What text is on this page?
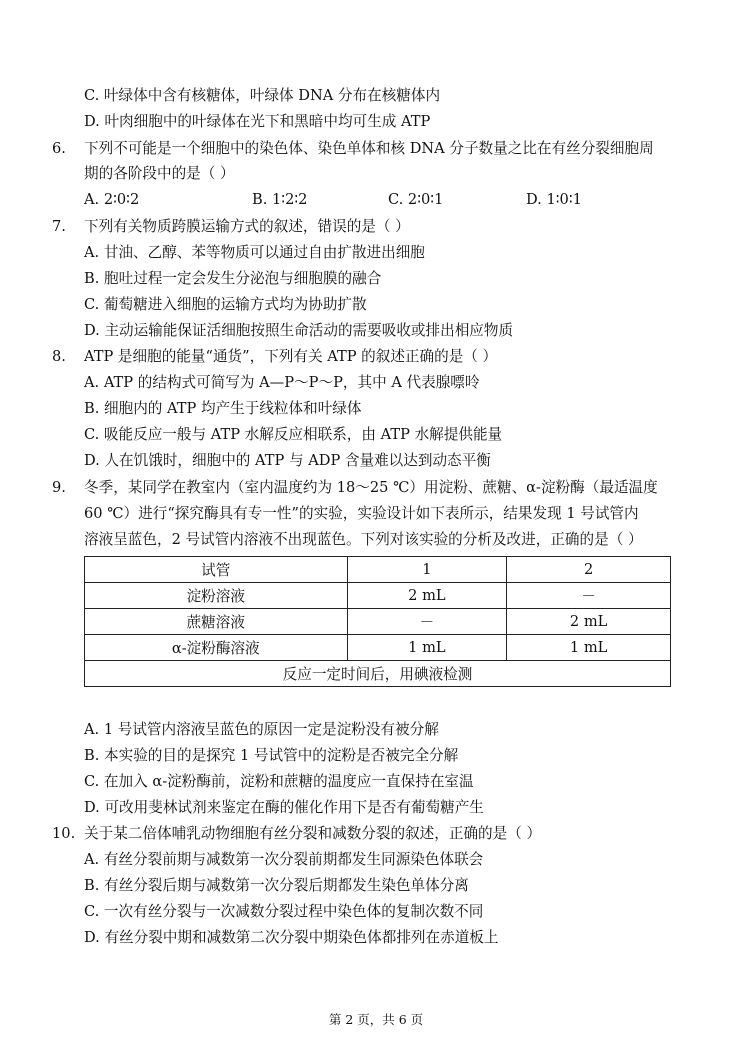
C. 叶绿体中含有核糖体，叶绿体 DNA 分布在核糖体内
D. 叶肉细胞中的叶绿体在光下和黑暗中均可生成 ATP
6. 下列不可能是一个细胞中的染色体、染色单体和核 DNA 分子数量之比在有丝分裂细胞周
期的各阶段中的是（ ）
A. 2∶0∶2	B. 1∶2∶2	C. 2∶0∶1	D. 1∶0∶1
7. 下列有关物质跨膜运输方式的叙述，错误的是（ ）
A. 甘油、乙醇、苯等物质可以通过自由扩散进出细胞
B. 胞吐过程一定会发生分泌泡与细胞膜的融合
C. 葡萄糖进入细胞的运输方式均为协助扩散
D. 主动运输能保证活细胞按照生命活动的需要吸收或排出相应物质
8. ATP 是细胞的能量“通货”，下列有关 ATP 的叙述正确的是（ ）
A. ATP 的结构式可简写为 A—P～P～P，其中 A 代表腺嘌呤
B. 细胞内的 ATP 均产生于线粒体和叶绿体
C. 吸能反应一般与 ATP 水解反应相联系，由 ATP 水解提供能量
D. 人在饥饿时，细胞中的 ATP 与 ADP 含量难以达到动态平衡
9. 冬季，某同学在教室内（室内温度约为 18～25 ℃）用淀粉、蔗糖、α-淀粉酶（最适温度
60 ℃）进行“探究酶具有专一性”的实验，实验设计如下表所示，结果发现 1 号试管内
溶液呈蓝色，2 号试管内溶液不出现蓝色。下列对该实验的分析及改进，正确的是（ ）
试管	1	2
淀粉溶液	2 mL	－
蔗糖溶液	－	2 mL
α-淀粉酶溶液	1 mL	1 mL
反应一定时间后，用碘液检测		
A. 1 号试管内溶液呈蓝色的原因一定是淀粉没有被分解
B. 本实验的目的是探究 1 号试管中的淀粉是否被完全分解
C. 在加入 α-淀粉酶前，淀粉和蔗糖的温度应一直保持在室温
D. 可改用斐林试剂来鉴定在酶的催化作用下是否有葡萄糖产生
10. 关于某二倍体哺乳动物细胞有丝分裂和减数分裂的叙述，正确的是（ ）
A. 有丝分裂前期与减数第一次分裂前期都发生同源染色体联会
B. 有丝分裂后期与减数第一次分裂后期都发生染色单体分离
C. 一次有丝分裂与一次减数分裂过程中染色体的复制次数不同
D. 有丝分裂中期和减数第二次分裂中期染色体都排列在赤道板上
第 2 页，共 6 页
